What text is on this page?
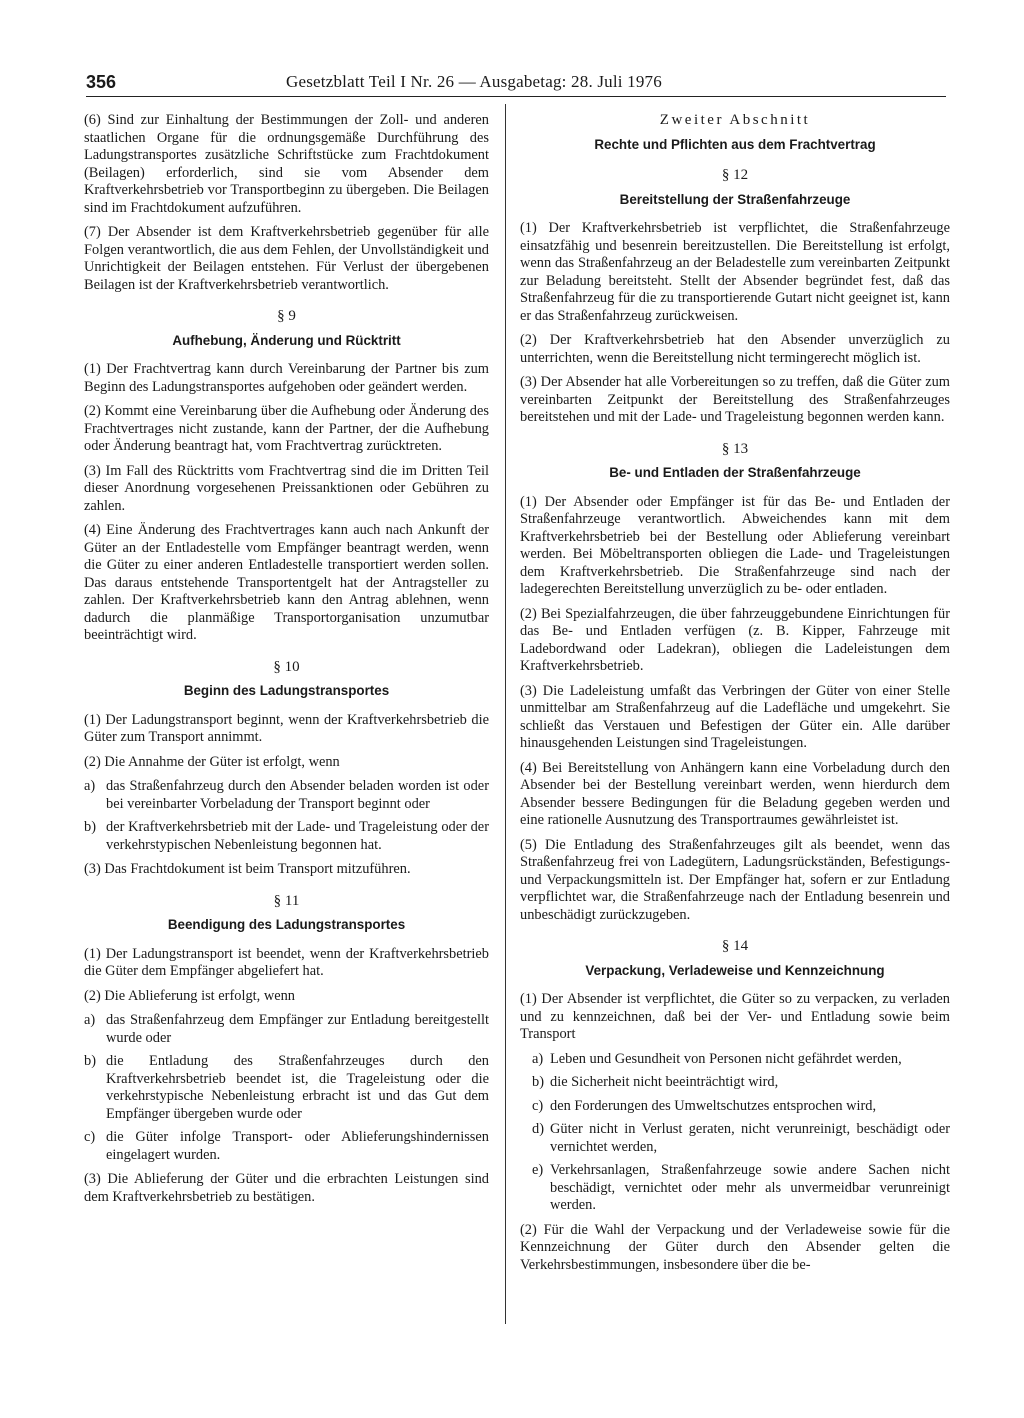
356	Gesetzblatt Teil I Nr. 26 — Ausgabetag: 28. Juli 1976

(6) Sind zur Einhaltung der Bestimmungen der Zoll- und anderen staatlichen Organe für die ordnungsgemäße Durchführung des Ladungstransportes zusätzliche Schriftstücke zum Frachtdokument (Beilagen) erforderlich, sind sie vom Absender dem Kraftverkehrsbetrieb vor Transportbeginn zu übergeben. Die Beilagen sind im Frachtdokument aufzuführen.

(7) Der Absender ist dem Kraftverkehrsbetrieb gegenüber für alle Folgen verantwortlich, die aus dem Fehlen, der Unvollständigkeit und Unrichtigkeit der Beilagen entstehen. Für Verlust der übergebenen Beilagen ist der Kraftverkehrsbetrieb verantwortlich.

§ 9
Aufhebung, Änderung und Rücktritt

(1) Der Frachtvertrag kann durch Vereinbarung der Partner bis zum Beginn des Ladungstransportes aufgehoben oder geändert werden.

(2) Kommt eine Vereinbarung über die Aufhebung oder Änderung des Frachtvertrages nicht zustande, kann der Partner, der die Aufhebung oder Änderung beantragt hat, vom Frachtvertrag zurücktreten.

(3) Im Fall des Rücktritts vom Frachtvertrag sind die im Dritten Teil dieser Anordnung vorgesehenen Preissanktionen oder Gebühren zu zahlen.

(4) Eine Änderung des Frachtvertrages kann auch nach Ankunft der Güter an der Entladestelle vom Empfänger beantragt werden, wenn die Güter zu einer anderen Entladestelle transportiert werden sollen. Das daraus entstehende Transportentgelt hat der Antragsteller zu zahlen. Der Kraftverkehrsbetrieb kann den Antrag ablehnen, wenn dadurch die planmäßige Transportorganisation unzumutbar beeinträchtigt wird.

§ 10
Beginn des Ladungstransportes

(1) Der Ladungstransport beginnt, wenn der Kraftverkehrsbetrieb die Güter zum Transport annimmt.

(2) Die Annahme der Güter ist erfolgt, wenn

a) das Straßenfahrzeug durch den Absender beladen worden ist oder bei vereinbarter Vorbeladung der Transport beginnt oder
b) der Kraftverkehrsbetrieb mit der Lade- und Trageleistung oder der verkehrstypischen Nebenleistung begonnen hat.

(3) Das Frachtdokument ist beim Transport mitzuführen.

§ 11
Beendigung des Ladungstransportes

(1) Der Ladungstransport ist beendet, wenn der Kraftverkehrsbetrieb die Güter dem Empfänger abgeliefert hat.

(2) Die Ablieferung ist erfolgt, wenn

a) das Straßenfahrzeug dem Empfänger zur Entladung bereitgestellt wurde oder
b) die Entladung des Straßenfahrzeuges durch den Kraftverkehrsbetrieb beendet ist, die Trageleistung oder die verkehrstypische Nebenleistung erbracht ist und das Gut dem Empfänger übergeben wurde oder
c) die Güter infolge Transport- oder Ablieferungshindernissen eingelagert wurden.

(3) Die Ablieferung der Güter und die erbrachten Leistungen sind dem Kraftverkehrsbetrieb zu bestätigen.

Zweiter Abschnitt
Rechte und Pflichten aus dem Frachtvertrag
§ 12
Bereitstellung der Straßenfahrzeuge

(1) Der Kraftverkehrsbetrieb ist verpflichtet, die Straßenfahrzeuge einsatzfähig und besenrein bereitzustellen. Die Bereitstellung ist erfolgt, wenn das Straßenfahrzeug an der Beladestelle zum vereinbarten Zeitpunkt zur Beladung bereitsteht. Stellt der Absender begründet fest, daß das Straßenfahrzeug für die zu transportierende Gutart nicht geeignet ist, kann er das Straßenfahrzeug zurückweisen.

(2) Der Kraftverkehrsbetrieb hat den Absender unverzüglich zu unterrichten, wenn die Bereitstellung nicht termingerecht möglich ist.

(3) Der Absender hat alle Vorbereitungen so zu treffen, daß die Güter zum vereinbarten Zeitpunkt der Bereitstellung des Straßenfahrzeuges bereitstehen und mit der Lade- und Trageleistung begonnen werden kann.

§ 13
Be- und Entladen der Straßenfahrzeuge

(1) Der Absender oder Empfänger ist für das Be- und Entladen der Straßenfahrzeuge verantwortlich. Abweichendes kann mit dem Kraftverkehrsbetrieb bei der Bestellung oder Ablieferung vereinbart werden. Bei Möbeltransporten obliegen die Lade- und Trageleistungen dem Kraftverkehrsbetrieb. Die Straßenfahrzeuge sind nach der ladegerechten Bereitstellung unverzüglich zu be- oder entladen.

(2) Bei Spezialfahrzeugen, die über fahrzeuggebundene Einrichtungen für das Be- und Entladen verfügen (z. B. Kipper, Fahrzeuge mit Ladebordwand oder Ladekran), obliegen die Ladeleistungen dem Kraftverkehrsbetrieb.

(3) Die Ladeleistung umfaßt das Verbringen der Güter von einer Stelle unmittelbar am Straßenfahrzeug auf die Ladefläche und umgekehrt. Sie schließt das Verstauen und Befestigen der Güter ein. Alle darüber hinausgehenden Leistungen sind Trageleistungen.

(4) Bei Bereitstellung von Anhängern kann eine Vorbeladung durch den Absender bei der Bestellung vereinbart werden, wenn hierdurch dem Absender bessere Bedingungen für die Beladung gegeben werden und eine rationelle Ausnutzung des Transportraumes gewährleistet ist.

(5) Die Entladung des Straßenfahrzeuges gilt als beendet, wenn das Straßenfahrzeug frei von Ladegütern, Ladungsrückständen, Befestigungs- und Verpackungsmitteln ist. Der Empfänger hat, sofern er zur Entladung verpflichtet war, die Straßenfahrzeuge nach der Entladung besenrein und unbeschädigt zurückzugeben.

§ 14
Verpackung, Verladeweise und Kennzeichnung

(1) Der Absender ist verpflichtet, die Güter so zu verpacken, zu verladen und zu kennzeichnen, daß bei der Ver- und Entladung sowie beim Transport

a) Leben und Gesundheit von Personen nicht gefährdet werden,
b) die Sicherheit nicht beeinträchtigt wird,
c) den Forderungen des Umweltschutzes entsprochen wird,
d) Güter nicht in Verlust geraten, nicht verunreinigt, beschädigt oder vernichtet werden,
e) Verkehrsanlagen, Straßenfahrzeuge sowie andere Sachen nicht beschädigt, vernichtet oder mehr als unvermeidbar verunreinigt werden.

(2) Für die Wahl der Verpackung und der Verladeweise sowie für die Kennzeichnung der Güter durch den Absender gelten die Verkehrsbestimmungen, insbesondere über die be-
